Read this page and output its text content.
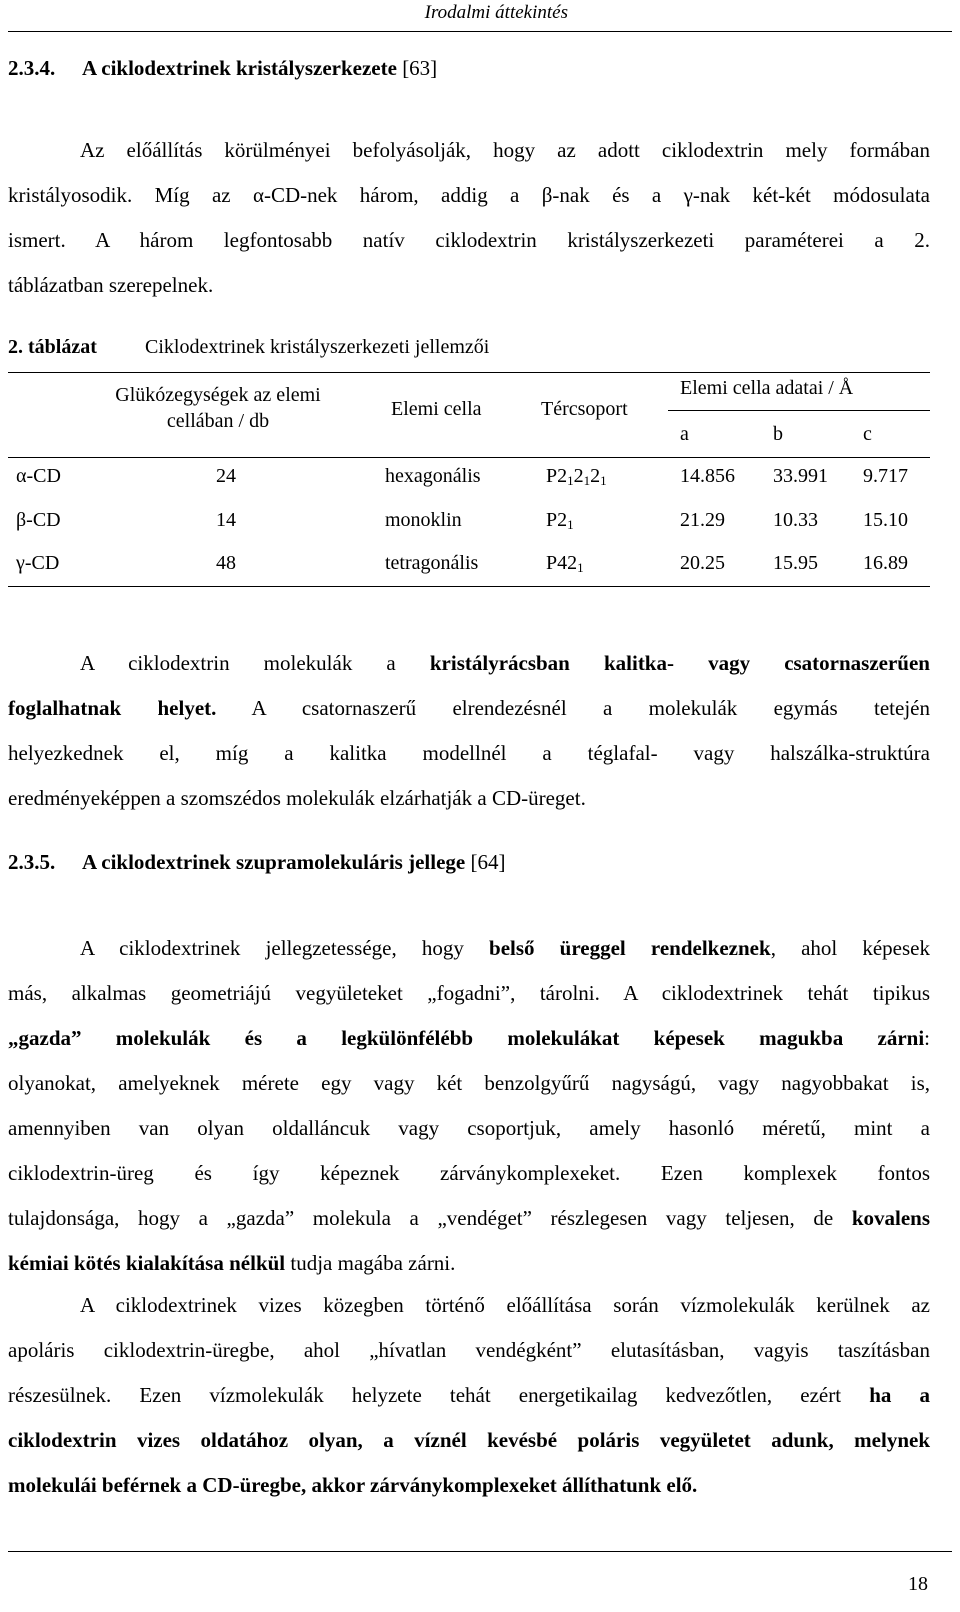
Irodalmi áttekintés
2.3.4. A ciklodextrinek kristályszerkezete [63]
Az előállítás körülményei befolyásolják, hogy az adott ciklodextrin mely formában
kristályosodik. Míg az α-CD-nek három, addig a β-nak és a γ-nak két-két módosulata
ismert. A három legfontosabb natív ciklodextrin kristályszerkezeti paraméterei a 2.
táblázatban szerepelnek.
2. táblázat Ciklodextrinek kristályszerkezeti jellemzői
Glükózegységek az elemi
cellában / db
Elemi cella	Tércsoport
Elemi cella adatai / Å
a	b	c
α-CD	24	hexagonális	$P2_12_12_1$	14.856 33.991 9.717
β-CD	14	monoklin	$P2_1$	21.29 10.33 15.10
γ-CD	48	tetragonális	$P42_1$	20.25 15.95 16.89
A ciklodextrin molekulák a kristályrácsban kalitka- vagy csatornaszerűen
foglalhatnak helyet. A csatornaszerű elrendezésnél a molekulák egymás tetején
helyezkednek el, míg a kalitka modellnél a téglafal- vagy halszálka-struktúra
eredményeképpen a szomszédos molekulák elzárhatják a CD-üreget.
2.3.5. A ciklodextrinek szupramolekuláris jellege [64]
A ciklodextrinek jellegzetessége, hogy belső üreggel rendelkeznek, ahol képesek
más, alkalmas geometriájú vegyületeket „fogadni”, tárolni. A ciklodextrinek tehát tipikus
„gazda” molekulák és a legkülönfélébb molekulákat képesek magukba zárni:
olyanokat, amelyeknek mérete egy vagy két benzolgyűrű nagyságú, vagy nagyobbakat is,
amennyiben van olyan oldalláncuk vagy csoportjuk, amely hasonló méretű, mint a
ciklodextrin-üreg és így képeznek zárványkomplexeket. Ezen komplexek fontos
tulajdonsága, hogy a „gazda” molekula a „vendéget” részlegesen vagy teljesen, de kovalens
kémiai kötés kialakítása nélkül tudja magába zárni.
A ciklodextrinek vizes közegben történő előállítása során vízmolekulák kerülnek az
apoláris ciklodextrin-üregbe, ahol „hívatlan vendégként” elutasításban, vagyis taszításban
részesülnek. Ezen vízmolekulák helyzete tehát energetikailag kedvezőtlen, ezért ha a
ciklodextrin vizes oldatához olyan, a víznél kevésbé poláris vegyületet adunk, melynek
molekulái beférnek a CD-üregbe, akkor zárványkomplexeket állíthatunk elő.
18
